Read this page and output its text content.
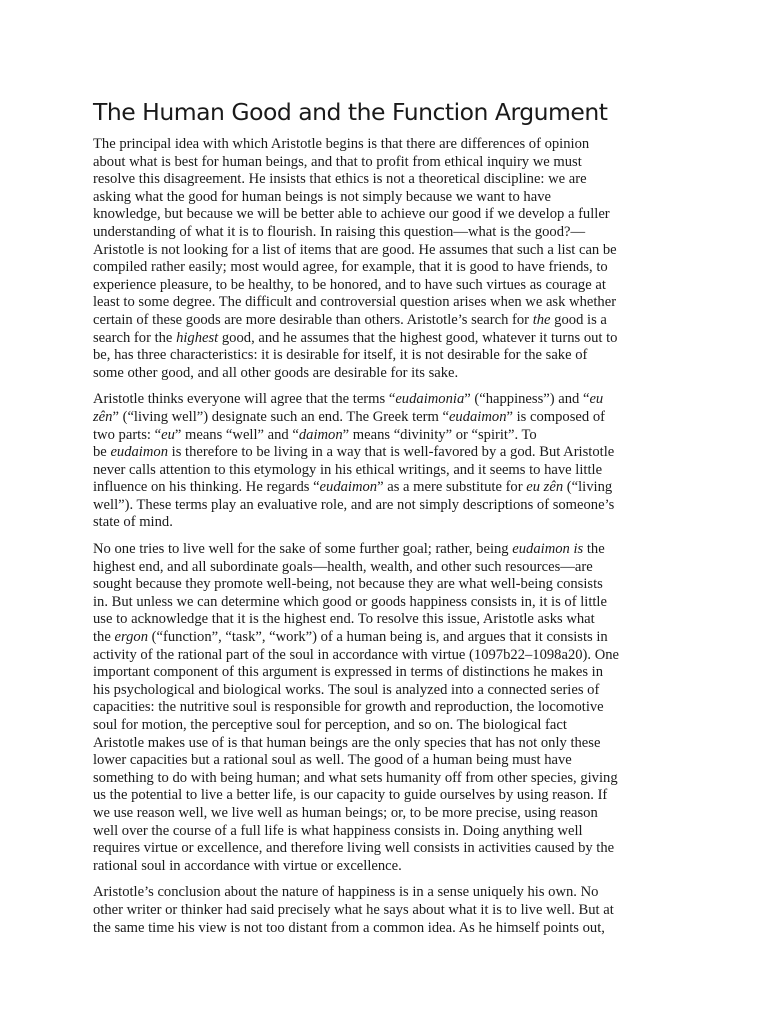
The Human Good and the Function Argument

The principal idea with which Aristotle begins is that there are differences of opinion
about what is best for human beings, and that to profit from ethical inquiry we must
resolve this disagreement. He insists that ethics is not a theoretical discipline: we are
asking what the good for human beings is not simply because we want to have
knowledge, but because we will be better able to achieve our good if we develop a fuller
understanding of what it is to flourish. In raising this question—what is the good?—
Aristotle is not looking for a list of items that are good. He assumes that such a list can be
compiled rather easily; most would agree, for example, that it is good to have friends, to
experience pleasure, to be healthy, to be honored, and to have such virtues as courage at
least to some degree. The difficult and controversial question arises when we ask whether
certain of these goods are more desirable than others. Aristotle’s search for the good is a
search for the highest good, and he assumes that the highest good, whatever it turns out to
be, has three characteristics: it is desirable for itself, it is not desirable for the sake of
some other good, and all other goods are desirable for its sake.

Aristotle thinks everyone will agree that the terms “eudaimonia” (“happiness”) and “eu
zên” (“living well”) designate such an end. The Greek term “eudaimon” is composed of
two parts: “eu” means “well” and “daimon” means “divinity” or “spirit”. To
be eudaimon is therefore to be living in a way that is well-favored by a god. But Aristotle
never calls attention to this etymology in his ethical writings, and it seems to have little
influence on his thinking. He regards “eudaimon” as a mere substitute for eu zên (“living
well”). These terms play an evaluative role, and are not simply descriptions of someone’s
state of mind.

No one tries to live well for the sake of some further goal; rather, being eudaimon is the
highest end, and all subordinate goals—health, wealth, and other such resources—are
sought because they promote well-being, not because they are what well-being consists
in. But unless we can determine which good or goods happiness consists in, it is of little
use to acknowledge that it is the highest end. To resolve this issue, Aristotle asks what
the ergon (“function”, “task”, “work”) of a human being is, and argues that it consists in
activity of the rational part of the soul in accordance with virtue (1097b22–1098a20). One
important component of this argument is expressed in terms of distinctions he makes in
his psychological and biological works. The soul is analyzed into a connected series of
capacities: the nutritive soul is responsible for growth and reproduction, the locomotive
soul for motion, the perceptive soul for perception, and so on. The biological fact
Aristotle makes use of is that human beings are the only species that has not only these
lower capacities but a rational soul as well. The good of a human being must have
something to do with being human; and what sets humanity off from other species, giving
us the potential to live a better life, is our capacity to guide ourselves by using reason. If
we use reason well, we live well as human beings; or, to be more precise, using reason
well over the course of a full life is what happiness consists in. Doing anything well
requires virtue or excellence, and therefore living well consists in activities caused by the
rational soul in accordance with virtue or excellence.

Aristotle’s conclusion about the nature of happiness is in a sense uniquely his own. No
other writer or thinker had said precisely what he says about what it is to live well. But at
the same time his view is not too distant from a common idea. As he himself points out,
